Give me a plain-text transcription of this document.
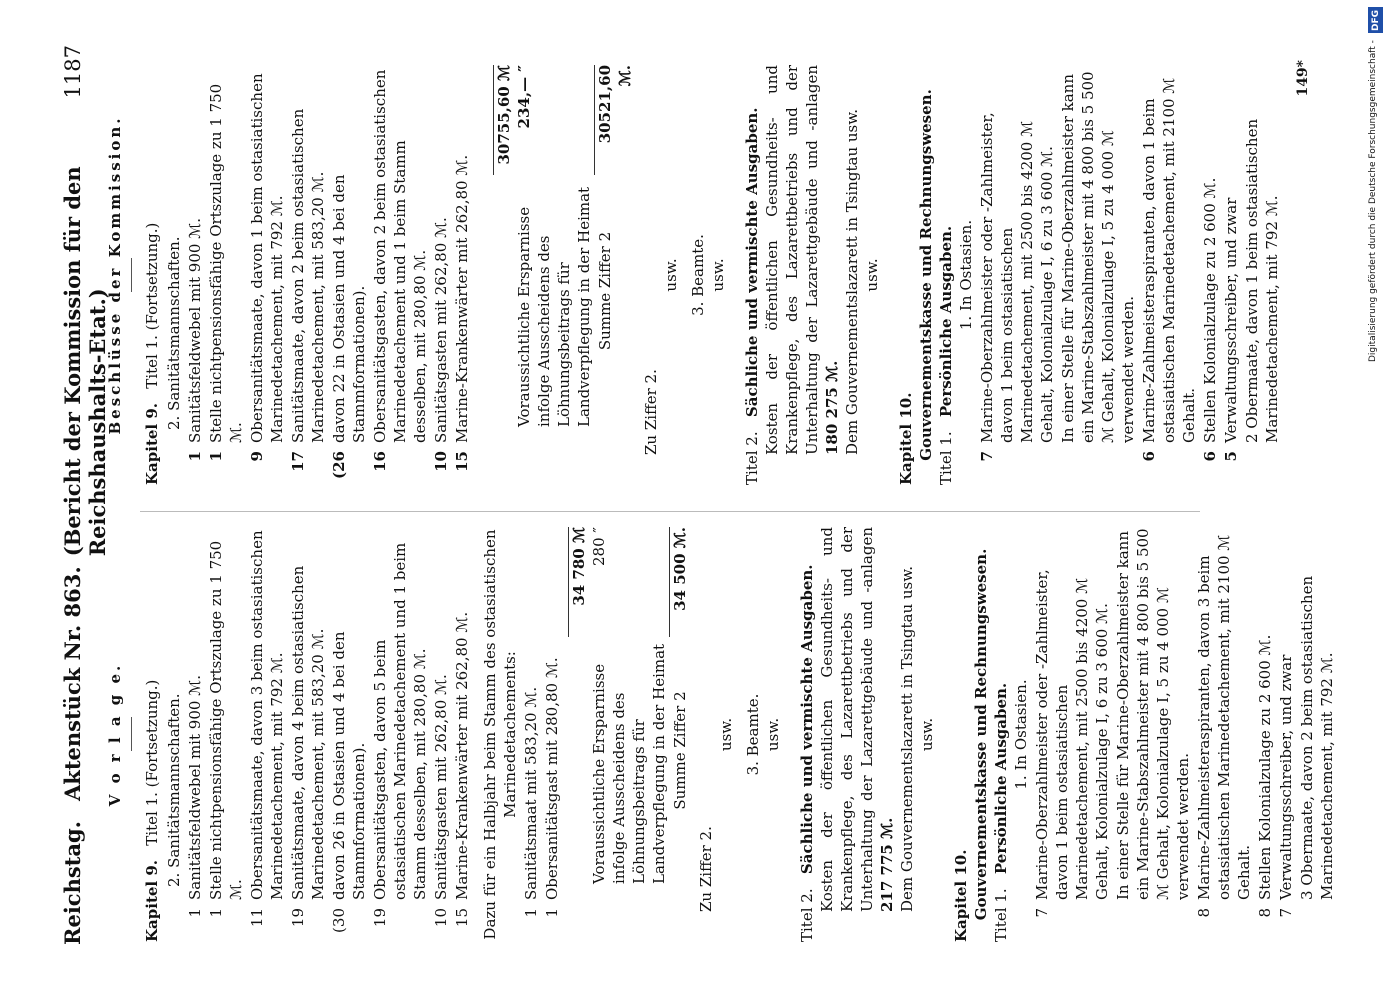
Reichstag.
Aktenstück Nr. 863.
(Bericht der Kommission für den Reichshaushalts-Etat.)
1187
V o r l a g e.
Kapitel 9.   Titel 1. (Fortsetzung.) 2. Sanitätsmannschaften.
1
Sanitätsfeldwebel mit 900 ℳ.
1
Stelle nichtpensionsfähige Ortszulage zu 1 750 ℳ.
11
Obersanitätsmaate, davon 3 beim ostasiatischen Marinedetachement, mit 792 ℳ.
19
Sanitätsmaate, davon 4 beim ostasiatischen Marinedetachement, mit 583,20 ℳ.
(30
davon 26 in Ostasien und 4 bei den Stammformationen).
19
Obersanitätsgasten, davon 5 beim ostasiatischen Marinedetachement und 1 beim Stamm desselben, mit 280,80 ℳ.
10
Sanitätsgasten mit 262,80 ℳ.
15
Marine-Krankenwärter mit 262,80 ℳ. Dazu für ein Halbjahr beim Stamm des ostasiatischen Marinedetachements:
1
Sanitätsmaat mit 583,20 ℳ.
1
Obersanitätsgast mit 280,80 ℳ.
34 780 ℳ
Voraussichtliche Ersparnisse infolge Ausscheidens des Löhnungsbeitrags für Landverpflegung in der Heimat
280 ″
Summe Ziffer 2
34 500 ℳ.
Zu Ziffer 2.
usw. 3. Beamte. usw.
Titel 2.   Sächliche und vermischte Ausgaben. Kosten der öffentlichen Gesundheits- und Krankenpflege, des Lazarettbetriebs und der Unterhaltung der Lazarettgebäude und -anlagen 217 775 ℳ. Dem Gouvernementslazarett in Tsingtau usw. usw.
Kapitel 10. Gouvernementskasse und Rechnungswesen. Titel 1.   Persönliche Ausgaben. 1. In Ostasien.
7
Marine-Oberzahlmeister oder -Zahlmeister, davon 1 beim ostasiatischen Marinedetachement, mit 2500 bis 4200 ℳ Gehalt, Kolonialzulage I, 6 zu 3 600 ℳ. In einer Stelle für Marine-Oberzahlmeister kann ein Marine-Stabszahlmeister mit 4 800 bis 5 500 ℳ Gehalt, Kolonialzulage I, 5 zu 4 000 ℳ verwendet werden.
8
Marine-Zahlmeisteraspiranten, davon 3 beim ostasiatischen Marinedetachement, mit 2100 ℳ Gehalt.
8
Stellen Kolonialzulage zu 2 600 ℳ.
7
Verwaltungsschreiber, und zwar 3 Obermaate, davon 2 beim ostasiatischen Marinedetachement, mit 792 ℳ.
Beschlüsse der Kommission.
Kapitel 9.   Titel 1. (Fortsetzung.) 2. Sanitätsmannschaften.
1
Sanitätsfeldwebel mit 900 ℳ.
1
Stelle nichtpensionsfähige Ortszulage zu 1 750 ℳ.
9
Obersanitätsmaate, davon 1 beim ostasiatischen Marinedetachement, mit 792 ℳ.
17
Sanitätsmaate, davon 2 beim ostasiatischen Marinedetachement, mit 583,20 ℳ.
(26
davon 22 in Ostasien und 4 bei den Stammformationen).
16
Obersanitätsgasten, davon 2 beim ostasiatischen Marinedetachement und 1 beim Stamm desselben, mit 280,80 ℳ.
10
Sanitätsgasten mit 262,80 ℳ.
15
Marine-Krankenwärter mit 262,80 ℳ.
30755,60 ℳ
Voraussichtliche Ersparnisse infolge Ausscheidens des Löhnungsbeitrags für Landverpflegung in der Heimat
234,— ″
Summe Ziffer 2
30521,60 ℳ.
Zu Ziffer 2.
usw. 3. Beamte. usw.
Titel 2.   Sächliche und vermischte Ausgaben. Kosten der öffentlichen Gesundheits- und Krankenpflege, des Lazarettbetriebs und der Unterhaltung der Lazarettgebäude und -anlagen 180 275 ℳ. Dem Gouvernementslazarett in Tsingtau usw. usw.
Kapitel 10. Gouvernementskasse und Rechnungswesen. Titel 1.   Persönliche Ausgaben. 1. In Ostasien.
7
Marine-Oberzahlmeister oder -Zahlmeister, davon 1 beim ostasiatischen Marinedetachement, mit 2500 bis 4200 ℳ Gehalt, Kolonialzulage I, 6 zu 3 600 ℳ. In einer Stelle für Marine-Oberzahlmeister kann ein Marine-Stabszahlmeister mit 4 800 bis 5 500 ℳ Gehalt, Kolonialzulage I, 5 zu 4 000 ℳ verwendet werden.
6
Marine-Zahlmeisteraspiranten, davon 1 beim ostasiatischen Marinedetachement, mit 2100 ℳ Gehalt.
6
Stellen Kolonialzulage zu 2 600 ℳ.
5
Verwaltungsschreiber, und zwar 2 Obermaate, davon 1 beim ostasiatischen Marinedetachement, mit 792 ℳ.
149*
DFG
Digitalisierung gefördert durch die Deutsche Forschungsgemeinschaft -
